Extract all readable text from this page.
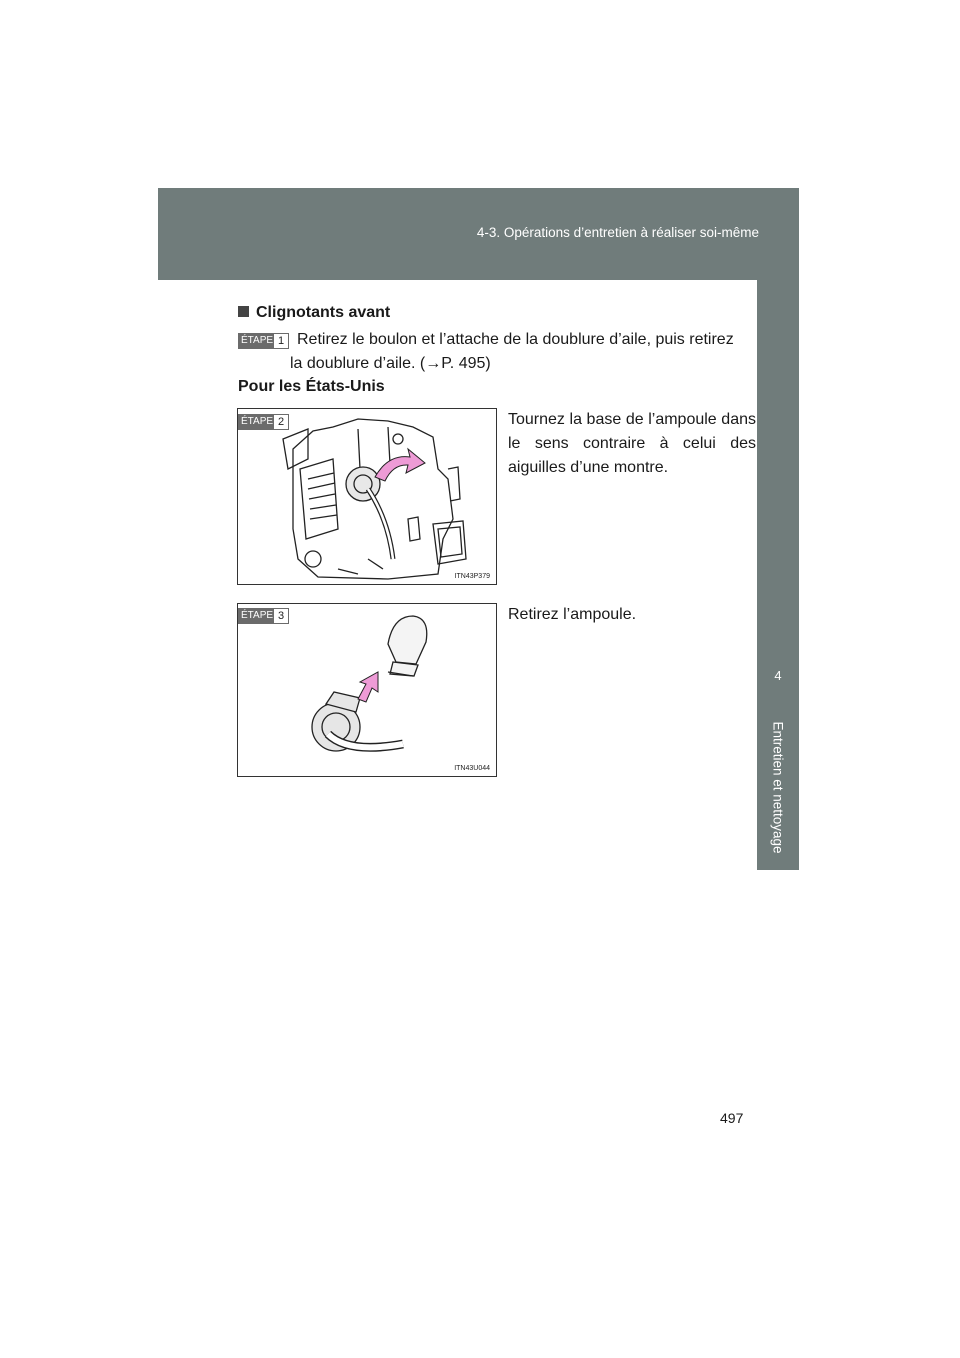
4-3. Opérations d’entretien à réaliser soi-même
4
Entretien et nettoyage
Clignotants avant
ÉTAPE 1 Retirez le boulon et l’attache de la doublure d’aile, puis retirez
la doublure d’aile. (→P. 495)
Pour les États-Unis
ÉTAPE 2
ITN43P379
Tournez la base de l’ampoule dans le sens contraire à celui des aiguilles d’une montre.
ÉTAPE 3
ITN43U044
Retirez l’ampoule.
497
